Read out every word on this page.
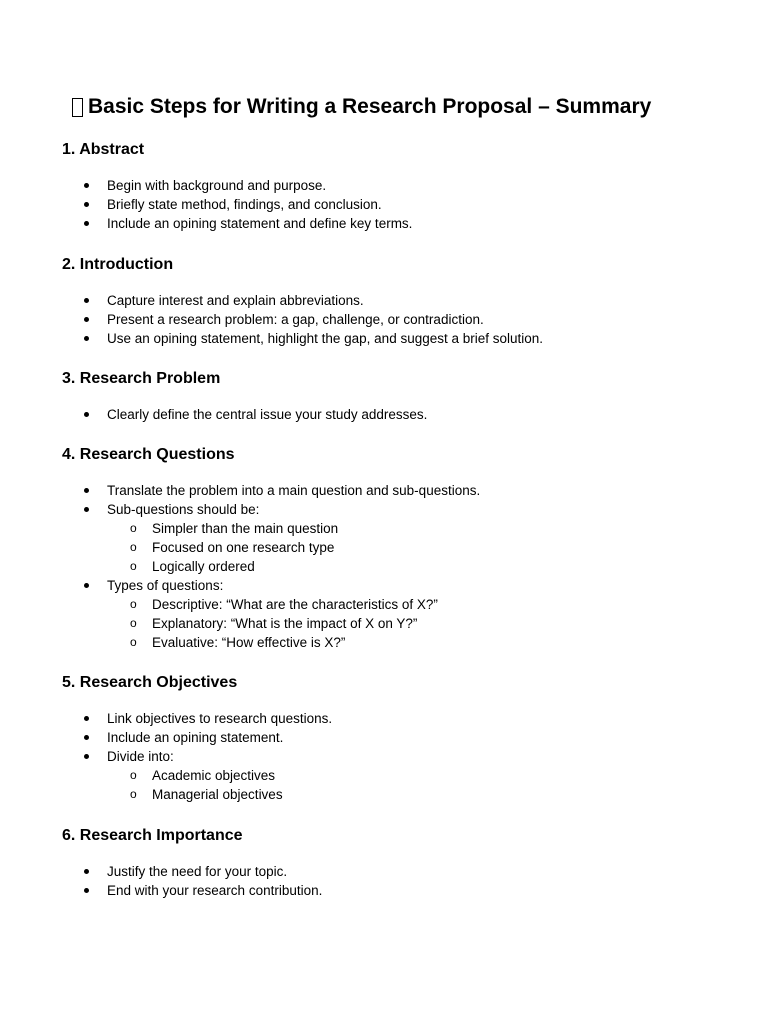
Basic Steps for Writing a Research Proposal – Summary
1. Abstract
Begin with background and purpose.
Briefly state method, findings, and conclusion.
Include an opining statement and define key terms.
2. Introduction
Capture interest and explain abbreviations.
Present a research problem: a gap, challenge, or contradiction.
Use an opining statement, highlight the gap, and suggest a brief solution.
3. Research Problem
Clearly define the central issue your study addresses.
4. Research Questions
Translate the problem into a main question and sub-questions.
Sub-questions should be:
o Simpler than the main question
o Focused on one research type
o Logically ordered
Types of questions:
o Descriptive: “What are the characteristics of X?”
o Explanatory: “What is the impact of X on Y?”
o Evaluative: “How effective is X?”
5. Research Objectives
Link objectives to research questions.
Include an opining statement.
Divide into:
o Academic objectives
o Managerial objectives
6. Research Importance
Justify the need for your topic.
End with your research contribution.
